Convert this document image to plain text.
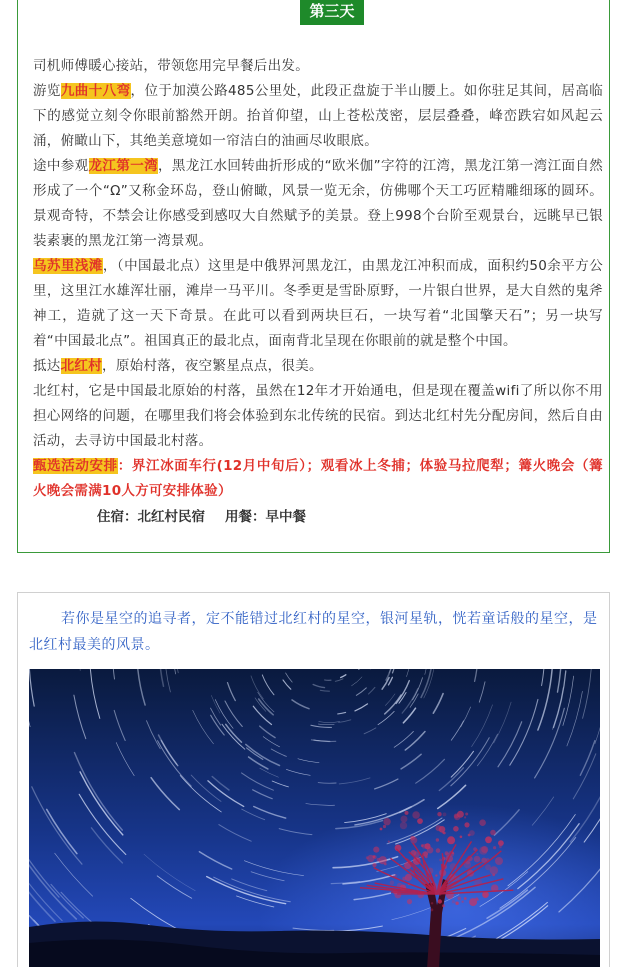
第三天

司机师傅暖心接站，带领您用完早餐后出发。

游览九曲十八弯，位于加漠公路485公里处，此段正盘旋于半山腰上。如你驻足其间，居高临下的感觉立刻令你眼前豁然开朗。抬首仰望，山上苍松茂密，层层叠叠，峰峦跌宕如风起云涌，俯瞰山下，其绝美意境如一帘洁白的油画尽收眼底。

途中参观龙江第一湾，黑龙江水回转曲折形成的“欧米伽”字符的江湾，黑龙江第一湾江面自然形成了一个“Ω”又称金环岛，登山俯瞰，风景一览无余，仿佛哪个天工巧匠精雕细琢的圆环。景观奇特，不禁会让你感受到感叹大自然赋予的美景。登上998个台阶至观景台，远眺早已银装素裹的黑龙江第一湾景观。

乌苏里浅滩，（中国最北点）这里是中俄界河黑龙江，由黑龙江冲积而成，面积约50余平方公里，这里江水雄浑壮丽，滩岸一马平川。冬季更是雪卧原野，一片银白世界，是大自然的鬼斧神工，造就了这一天下奇景。在此可以看到两块巨石，一块写着“北国擎天石”；另一块写着“中国最北点”。祖国真正的最北点，面南背北呈现在你眼前的就是整个中国。

抵达北红村，原始村落，夜空繁星点点，很美。

北红村，它是中国最北原始的村落，虽然在12年才开始通电，但是现在覆盖wifi了所以你不用担心网络的问题，在哪里我们将会体验到东北传统的民宿。到达北红村先分配房间，然后自由活动，去寻访中国最北村落。

甄选活动安排：界江冰面车行(12月中旬后）；观看冰上冬捕；体验马拉爬犁；篝火晚会（篝火晚会需满10人方可安排体验）

住宿：北红村民宿 用餐：早中餐

若你是星空的追寻者，定不能错过北红村的星空，银河星轨，恍若童话般的星空，是北红村最美的风景。
